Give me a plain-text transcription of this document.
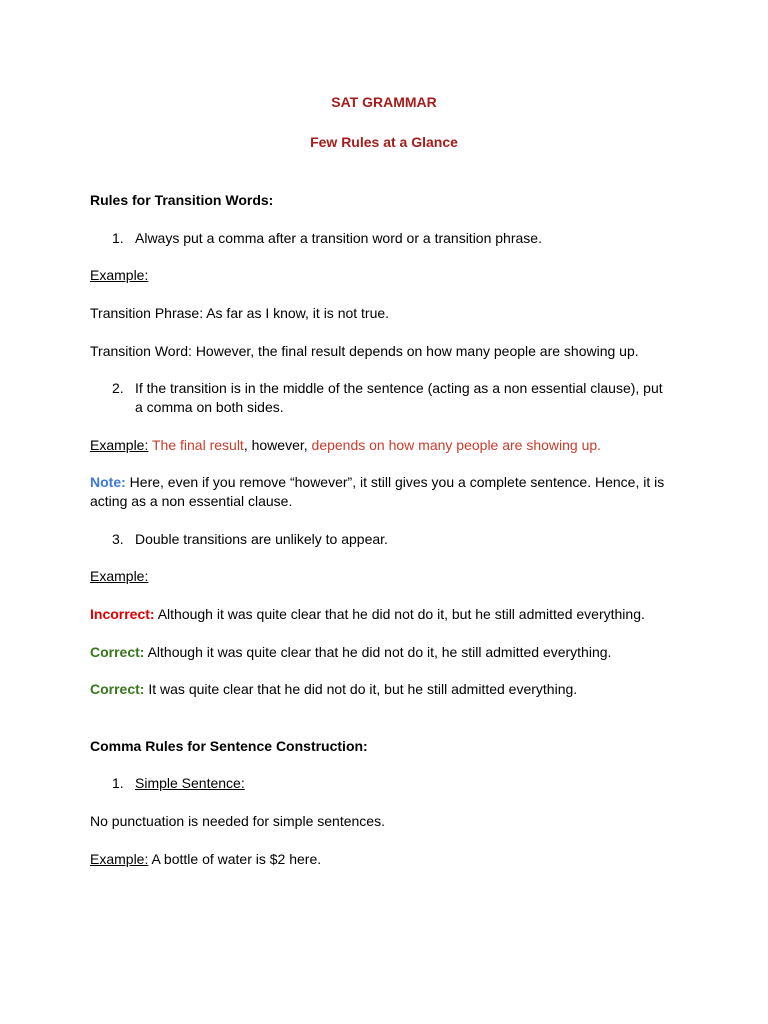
SAT GRAMMAR
Few Rules at a Glance
Rules for Transition Words:
1. Always put a comma after a transition word or a transition phrase.
Example:
Transition Phrase: As far as I know, it is not true.
Transition Word: However, the final result depends on how many people are showing up.
2. If the transition is in the middle of the sentence (acting as a non essential clause), put a comma on both sides.
Example: The final result, however, depends on how many people are showing up.
Note: Here, even if you remove “however”, it still gives you a complete sentence. Hence, it is acting as a non essential clause.
3. Double transitions are unlikely to appear.
Example:
Incorrect: Although it was quite clear that he did not do it, but he still admitted everything.
Correct: Although it was quite clear that he did not do it, he still admitted everything.
Correct: It was quite clear that he did not do it, but he still admitted everything.
Comma Rules for Sentence Construction:
1. Simple Sentence:
No punctuation is needed for simple sentences.
Example: A bottle of water is $2 here.
